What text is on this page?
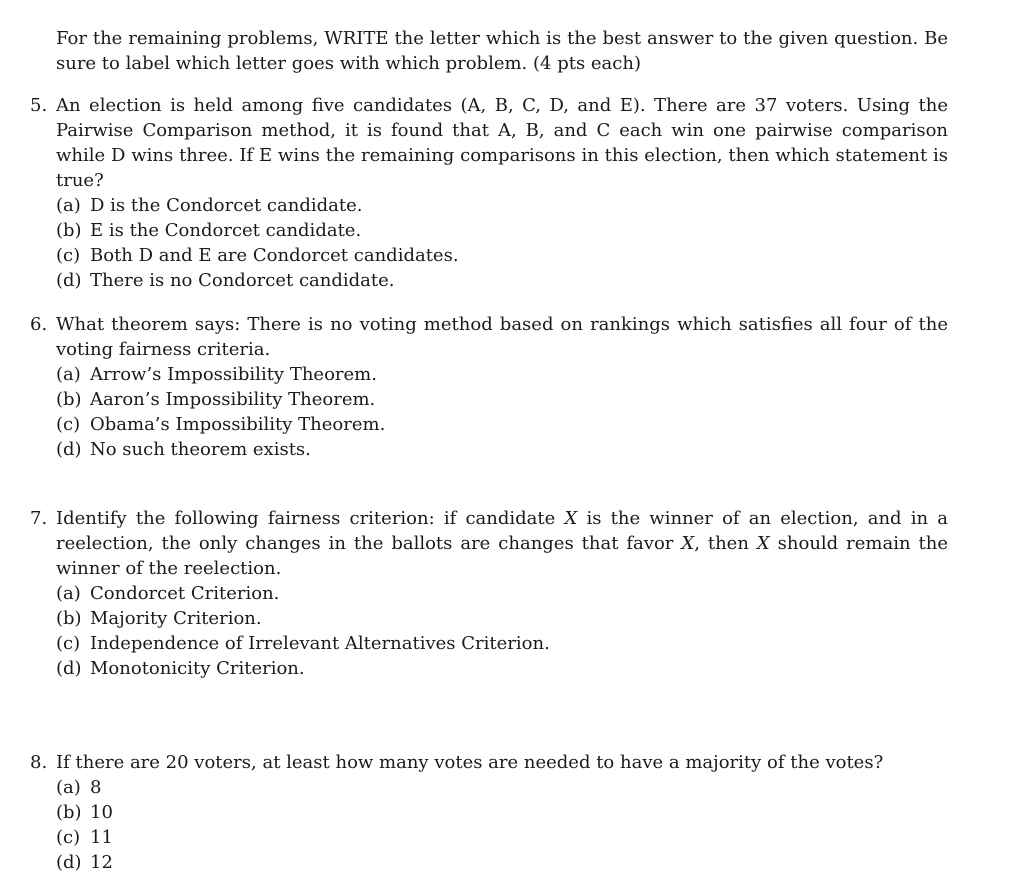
For the remaining problems, WRITE the letter which is the best answer to the given question. Be sure to label which letter goes with which problem. (4 pts each)

5. An election is held among five candidates (A, B, C, D, and E). There are 37 voters. Using the Pairwise Comparison method, it is found that A, B, and C each win one pairwise comparison while D wins three. If E wins the remaining comparisons in this election, then which statement is true?
(a) D is the Condorcet candidate.
(b) E is the Condorcet candidate.
(c) Both D and E are Condorcet candidates.
(d) There is no Condorcet candidate.
6. What theorem says: There is no voting method based on rankings which satisfies all four of the voting fairness criteria.
(a) Arrow’s Impossibility Theorem.
(b) Aaron’s Impossibility Theorem.
(c) Obama’s Impossibility Theorem.
(d) No such theorem exists.
7. Identify the following fairness criterion: if candidate X is the winner of an election, and in a reelection, the only changes in the ballots are changes that favor X, then X should remain the winner of the reelection.
(a) Condorcet Criterion.
(b) Majority Criterion.
(c) Independence of Irrelevant Alternatives Criterion.
(d) Monotonicity Criterion.
8. If there are 20 voters, at least how many votes are needed to have a majority of the votes?
(a) 8
(b) 10
(c) 11
(d) 12
